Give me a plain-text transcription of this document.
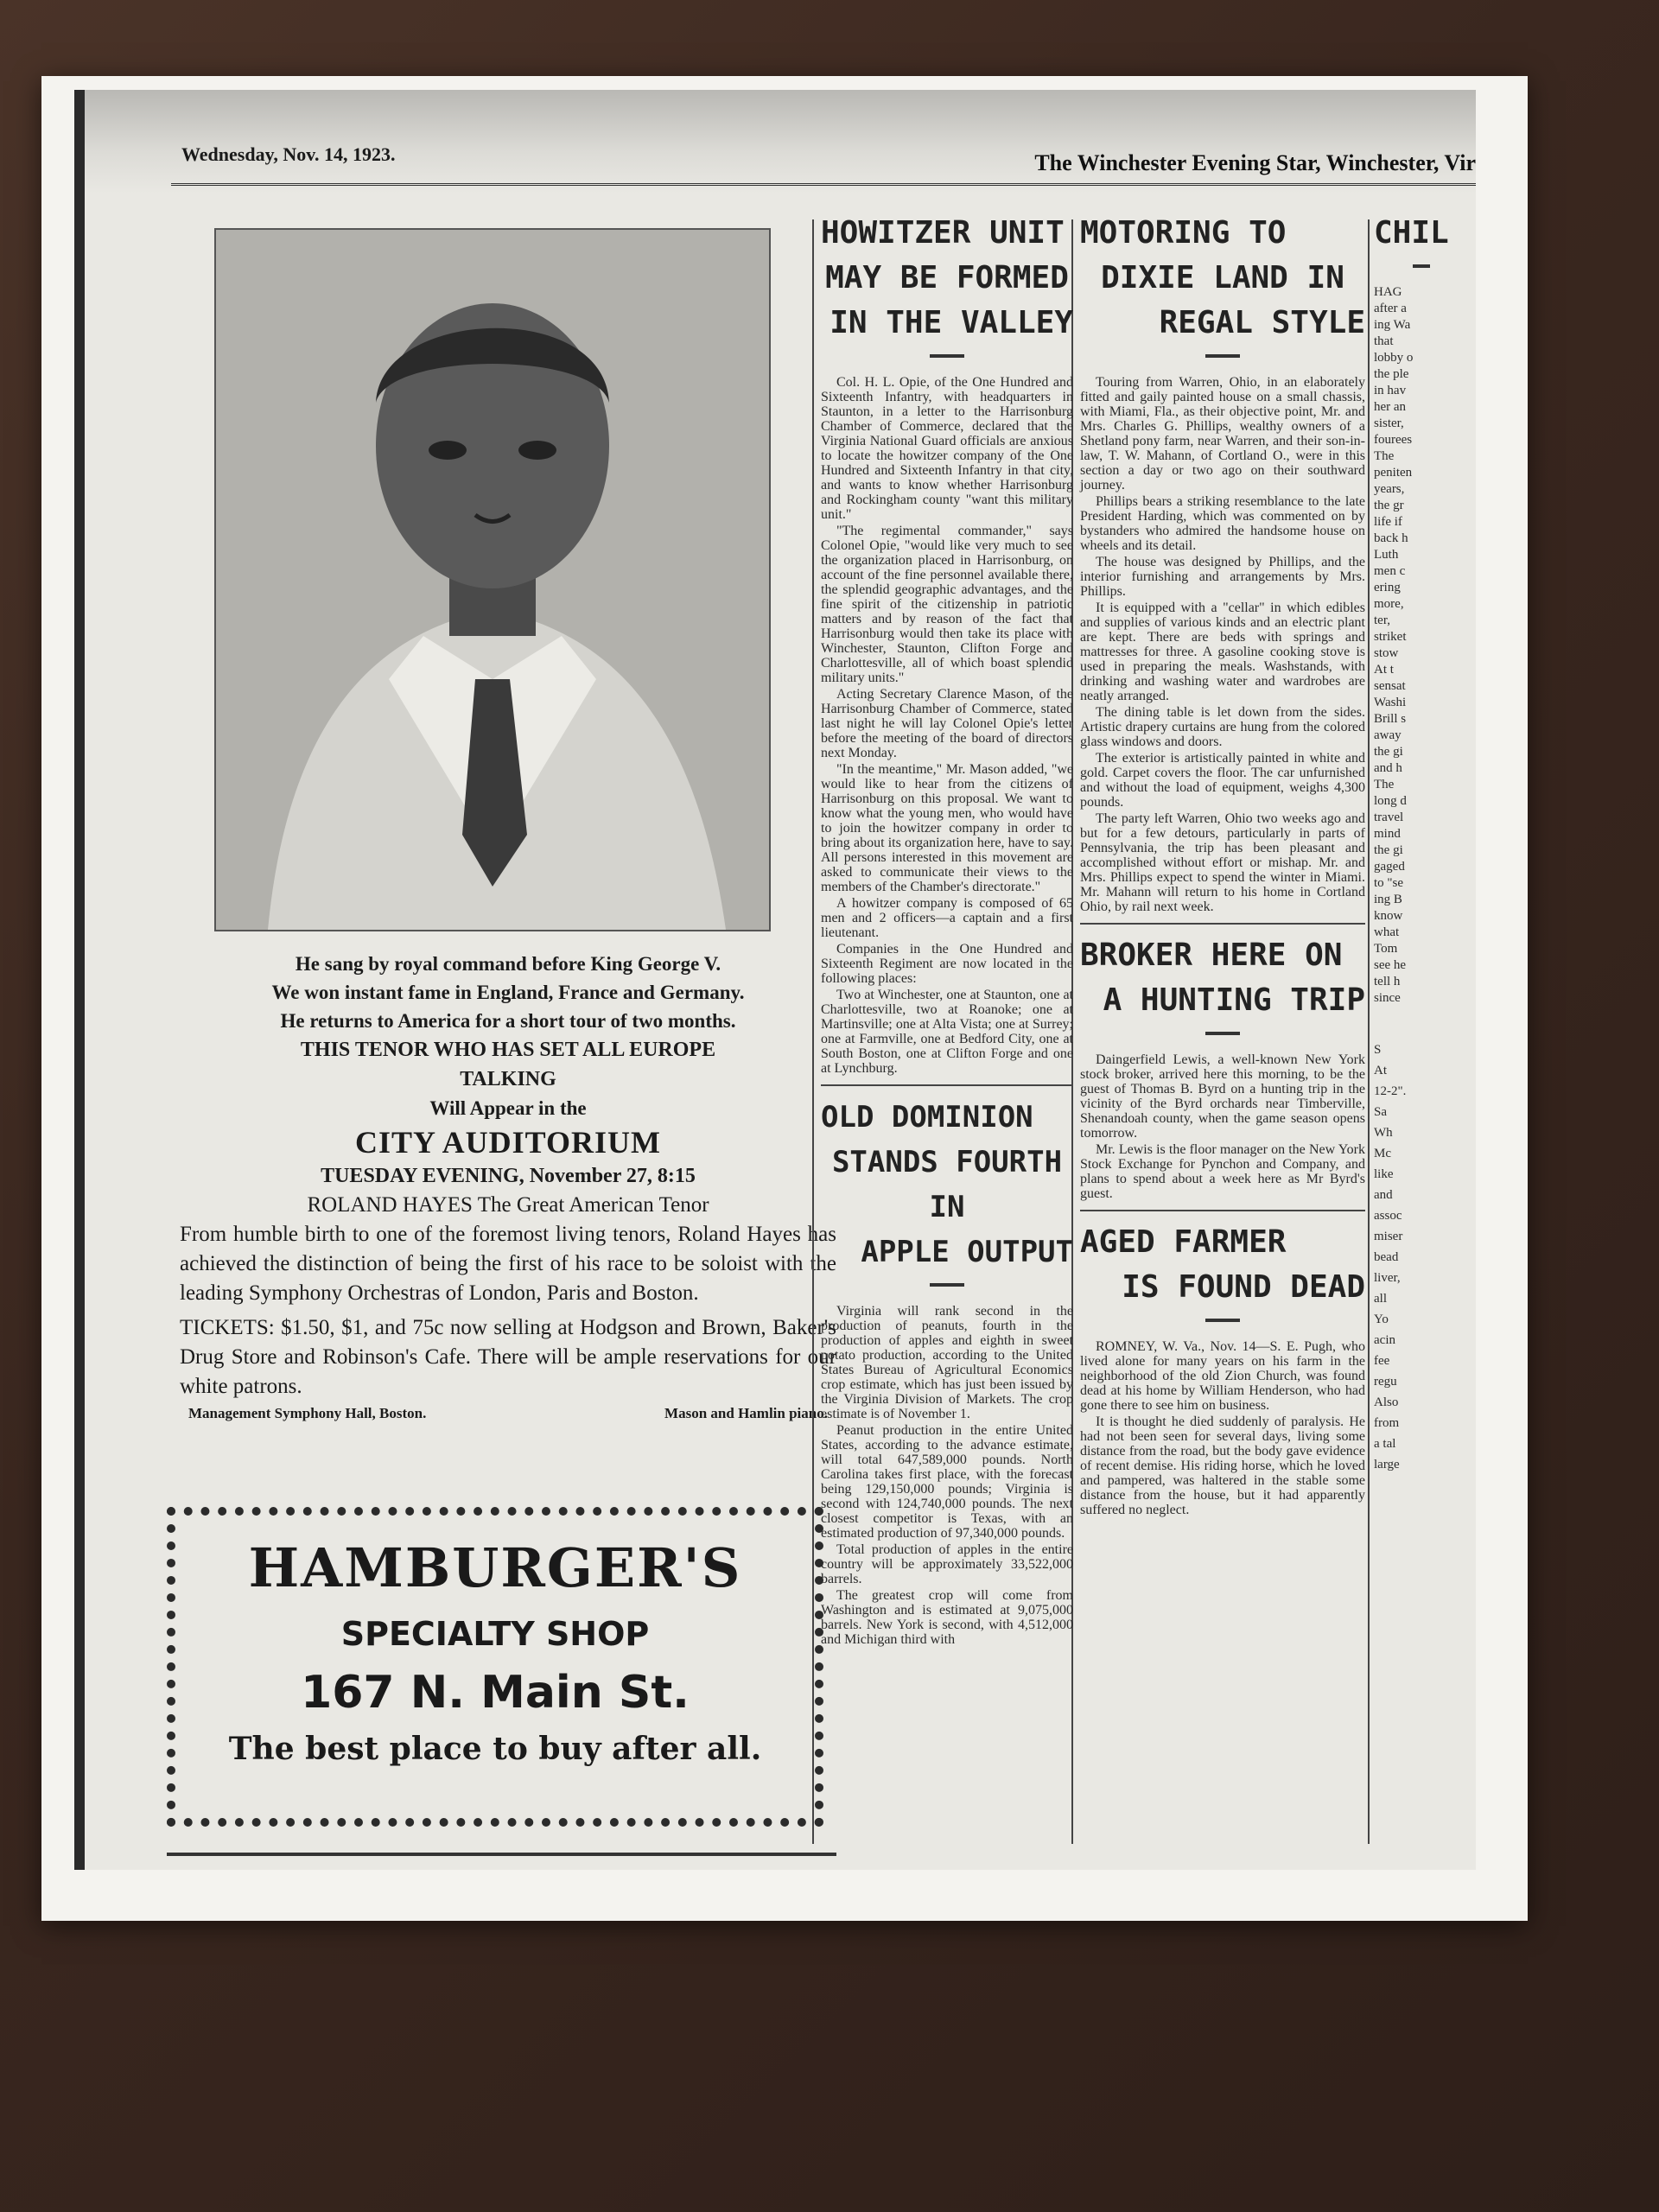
Wednesday, Nov. 14, 1923.	The Winchester Evening Star, Winchester, Vir
He sang by royal command before King George V.
We won instant fame in England, France and Germany.
He returns to America for a short tour of two months.
THIS TENOR WHO HAS SET ALL EUROPE
TALKING
Will Appear in the
CITY AUDITORIUM
TUESDAY EVENING, November 27, 8:15
ROLAND HAYES The Great American Tenor
From humble birth to one of the foremost living tenors, Roland Hayes has achieved the distinction of being the first of his race to be soloist with the leading Symphony Orchestras of London, Paris and Boston.
TICKETS: $1.50, $1, and 75c now selling at Hodgson and Brown, Baker's Drug Store and Robinson's Cafe. There will be ample reservations for our white patrons.
Management Symphony Hall, Boston.	Mason and Hamlin piano.
HAMBURGER'S
SPECIALTY SHOP
167 N. Main St.
The best place to buy after all.
HOWITZER UNIT
MAY BE FORMED
IN THE VALLEY

Col. H. L. Opie, of the One Hundred and Sixteenth Infantry, with headquarters in Staunton, in a letter to the Harrisonburg Chamber of Commerce, declared that the Virginia National Guard officials are anxious to locate the howitzer company of the One Hundred and Sixteenth Infantry in that city, and wants to know whether Harrisonburg and Rockingham county "want this military unit."

"The regimental commander," says Colonel Opie, "would like very much to see the organization placed in Harrisonburg, on account of the fine personnel available there, the splendid geographic advantages, and the fine spirit of the citizenship in patriotic matters and by reason of the fact that Harrisonburg would then take its place with Winchester, Staunton, Clifton Forge and Charlottesville, all of which boast splendid military units."

Acting Secretary Clarence Mason, of the Harrisonburg Chamber of Commerce, stated last night he will lay Colonel Opie's letter before the meeting of the board of directors next Monday.

"In the meantime," Mr. Mason added, "we would like to hear from the citizens of Harrisonburg on this proposal. We want to know what the young men, who would have to join the howitzer company in order to bring about its organization here, have to say. All persons interested in this movement are asked to communicate their views to the members of the Chamber's directorate."

A howitzer company is composed of 65 men and 2 officers—a captain and a first lieutenant.

Companies in the One Hundred and Sixteenth Regiment are now located in the following places:

Two at Winchester, one at Staunton, one at Charlottesville, two at Roanoke; one at Martinsville; one at Alta Vista; one at Surrey; one at Farmville, one at Bedford City, one at South Boston, one at Clifton Forge and one at Lynchburg.

OLD DOMINION
STANDS FOURTH IN
APPLE OUTPUT

Virginia will rank second in the production of peanuts, fourth in the production of apples and eighth in sweet potato production, according to the United States Bureau of Agricultural Economics crop estimate, which has just been issued by the Virginia Division of Markets. The crop estimate is of November 1.

Peanut production in the entire United States, according to the advance estimate, will total 647,589,000 pounds. North Carolina takes first place, with the forecast being 129,150,000 pounds; Virginia is second with 124,740,000 pounds. The next closest competitor is Texas, with an estimated production of 97,340,000 pounds.

Total production of apples in the entire country will be approximately 33,522,000 barrels.

The greatest crop will come from Washington and is estimated at 9,075,000 barrels. New York is second, with 4,512,000 and Michigan third with

MOTORING TO
DIXIE LAND IN
REGAL STYLE

Touring from Warren, Ohio, in an elaborately fitted and gaily painted house on a small chassis, with Miami, Fla., as their objective point, Mr. and Mrs. Charles G. Phillips, wealthy owners of a Shetland pony farm, near Warren, and their son-in-law, T. W. Mahann, of Cortland O., were in this section a day or two ago on their southward journey.

Phillips bears a striking resemblance to the late President Harding, which was commented on by bystanders who admired the handsome house on wheels and its detail.

The house was designed by Phillips, and the interior furnishing and arrangements by Mrs. Phillips.

It is equipped with a "cellar" in which edibles and supplies of various kinds and an electric plant are kept. There are beds with springs and mattresses for three. A gasoline cooking stove is used in preparing the meals. Washstands, with drinking and washing water and wardrobes are neatly arranged.

The dining table is let down from the sides. Artistic drapery curtains are hung from the colored glass windows and doors.

The exterior is artistically painted in white and gold. Carpet covers the floor. The car unfurnished and without the load of equipment, weighs 4,300 pounds.

The party left Warren, Ohio two weeks ago and but for a few detours, particularly in parts of Pennsylvania, the trip has been pleasant and accomplished without effort or mishap. Mr. and Mrs. Phillips expect to spend the winter in Miami. Mr. Mahann will return to his home in Cortland Ohio, by rail next week.

BROKER HERE ON
A HUNTING TRIP

Daingerfield Lewis, a well-known New York stock broker, arrived here this morning, to be the guest of Thomas B. Byrd on a hunting trip in the vicinity of the Byrd orchards near Timberville, Shenandoah county, when the game season opens tomorrow.

Mr. Lewis is the floor manager on the New York Stock Exchange for Pynchon and Company, and plans to spend about a week here as Mr Byrd's guest.

AGED FARMER
IS FOUND DEAD

ROMNEY, W. Va., Nov. 14—S. E. Pugh, who lived alone for many years on his farm in the neighborhood of the old Zion Church, was found dead at his home by William Henderson, who had gone there to see him on business.

It is thought he died suddenly of paralysis. He had not been seen for several days, living some distance from the road, but the body gave evidence of recent demise. His riding horse, which he loved and pampered, was haltered in the stable some distance from the house, but it had apparently suffered no neglect.

CHIL
HAG
after a
ing Wa
that
lobby o
the ple
in hav
her an
sister,
fourees
The
peniten
years,
the gr
life if
back h
Luth
men c
ering
more,
ter,
striket
stow
At t
sensat
Washi
Brill s
away
the gi
and h
The
long d
travel
mind
the gi
gaged
to "se
ing B
know
what
Tom
see he
tell h
since
S
At
12-2".
Sa
Wh
Mc
like
and
assoc
miser
bead
liver,
all
Yo
acin
fee
regu
Also
from
a tal
large
